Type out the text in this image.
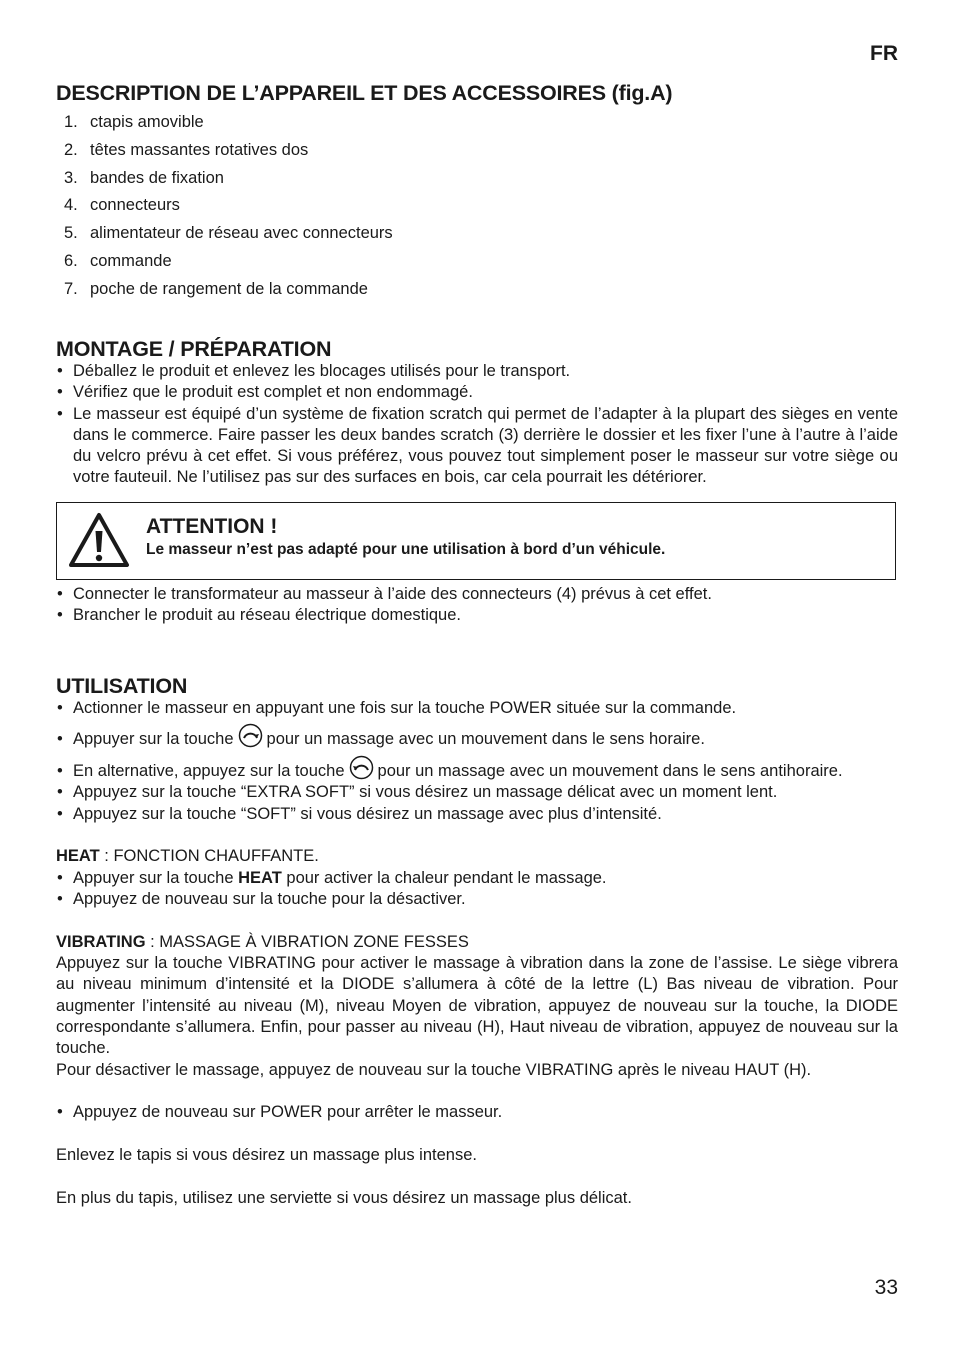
FR
DESCRIPTION DE L’APPAREIL ET DES ACCESSOIRES (fig.A)
1. ctapis amovible
2. têtes massantes rotatives dos
3. bandes de fixation
4. connecteurs
5. alimentateur de réseau avec connecteurs
6. commande
7. poche de rangement de la commande
MONTAGE / PRÉPARATION
• Déballez le produit et enlevez les blocages utilisés pour le transport.
• Vérifiez que le produit est complet et non endommagé.
• Le masseur est équipé d’un système de fixation scratch qui permet de l’adapter à la plupart des sièges en vente dans le commerce. Faire passer les deux bandes scratch (3) derrière le dossier et les fixer l’une à l’autre à l’aide du velcro prévu à cet effet. Si vous préférez, vous pouvez tout simplement poser le masseur sur votre siège ou votre fauteuil. Ne l’utilisez pas sur des surfaces en bois, car cela pourrait les détériorer.
ATTENTION !
Le masseur n’est pas adapté pour une utilisation à bord d’un véhicule.
• Connecter le transformateur au masseur à l’aide des connecteurs (4) prévus à cet effet.
• Brancher le produit au réseau électrique domestique.
UTILISATION
• Actionner le masseur en appuyant une fois sur la touche POWER située sur la commande.
• Appuyer sur la touche pour un massage avec un mouvement dans le sens horaire.
• En alternative, appuyez sur la touche pour un massage avec un mouvement dans le sens antihoraire.
• Appuyez sur la touche “EXTRA SOFT” si vous désirez un massage délicat avec un moment lent.
• Appuyez sur la touche “SOFT” si vous désirez un massage avec plus d’intensité.
HEAT : FONCTION CHAUFFANTE.
• Appuyer sur la touche HEAT pour activer la chaleur pendant le massage.
• Appuyez de nouveau sur la touche pour la désactiver.
VIBRATING : MASSAGE À VIBRATION ZONE FESSES
Appuyez sur la touche VIBRATING pour activer le massage à vibration dans la zone de l’assise. Le siège vibrera au niveau minimum d’intensité et la DIODE s’allumera à côté de la lettre (L) Bas niveau de vibration. Pour augmenter l’intensité au niveau (M), niveau Moyen de vibration, appuyez de nouveau sur la touche, la DIODE correspondante s’allumera. Enfin, pour passer au niveau (H), Haut niveau de vibration, appuyez de nouveau sur la touche.
Pour désactiver le massage, appuyez de nouveau sur la touche VIBRATING après le niveau HAUT (H).
• Appuyez de nouveau sur POWER pour arrêter le masseur.
Enlevez le tapis si vous désirez un massage plus intense.
En plus du tapis, utilisez une serviette si vous désirez un massage plus délicat.
33
